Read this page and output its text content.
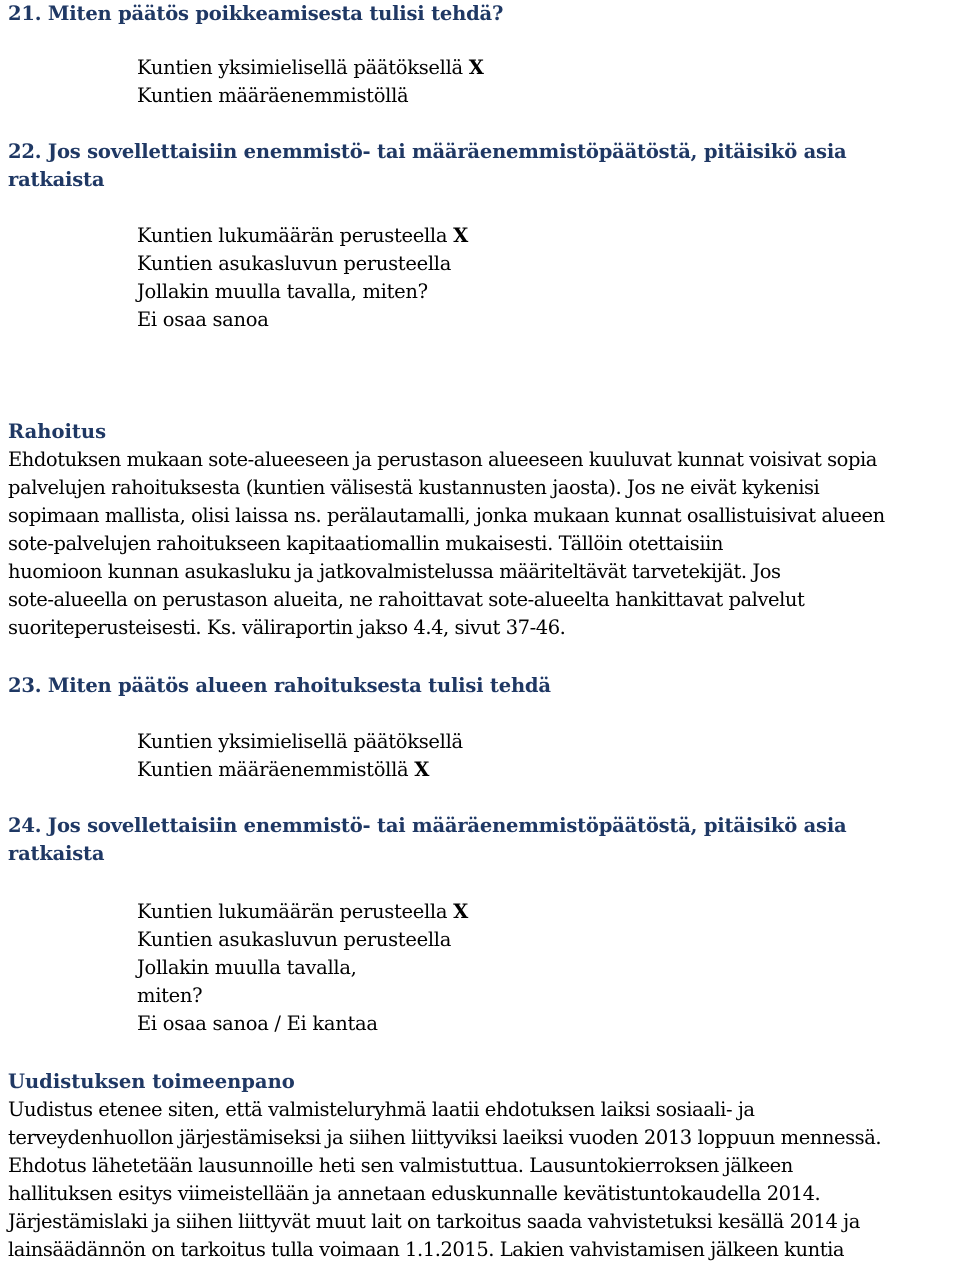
21. Miten päätös poikkeamisesta tulisi tehdä?
Kuntien yksimielisellä päätöksellä X
Kuntien määräenemmistöllä
22. Jos sovellettaisiin enemmistö- tai määräenemmistöpäätöstä, pitäisikö asia
ratkaista
Kuntien lukumäärän perusteella X
Kuntien asukasluvun perusteella
Jollakin muulla tavalla, miten?
Ei osaa sanoa
Rahoitus
Ehdotuksen mukaan sote-alueeseen ja perustason alueeseen kuuluvat kunnat voisivat sopia
palvelujen rahoituksesta (kuntien välisestä kustannusten jaosta). Jos ne eivät kykenisi
sopimaan mallista, olisi laissa ns. perälautamalli, jonka mukaan kunnat osallistuisivat alueen
sote-palvelujen rahoitukseen kapitaatiomallin mukaisesti. Tällöin otettaisiin
huomioon kunnan asukasluku ja jatkovalmistelussa määriteltävät tarvetekijät. Jos
sote-alueella on perustason alueita, ne rahoittavat sote-alueelta hankittavat palvelut
suoriteperusteisesti. Ks. väliraportin jakso 4.4, sivut 37-46.
23. Miten päätös alueen rahoituksesta tulisi tehdä
Kuntien yksimielisellä päätöksellä
Kuntien määräenemmistöllä X
24. Jos sovellettaisiin enemmistö- tai määräenemmistöpäätöstä, pitäisikö asia
ratkaista
Kuntien lukumäärän perusteella X
Kuntien asukasluvun perusteella
Jollakin muulla tavalla,
miten?
Ei osaa sanoa / Ei kantaa
Uudistuksen toimeenpano
Uudistus etenee siten, että valmisteluryhmä laatii ehdotuksen laiksi sosiaali- ja
terveydenhuollon järjestämiseksi ja siihen liittyviksi laeiksi vuoden 2013 loppuun mennessä.
Ehdotus lähetetään lausunnoille heti sen valmistuttua. Lausuntokierroksen jälkeen
hallituksen esitys viimeistellään ja annetaan eduskunnalle kevätistuntokaudella 2014.
Järjestämislaki ja siihen liittyvät muut lait on tarkoitus saada vahvistetuksi kesällä 2014 ja
lainsäädännön on tarkoitus tulla voimaan 1.1.2015. Lakien vahvistamisen jälkeen kuntia
